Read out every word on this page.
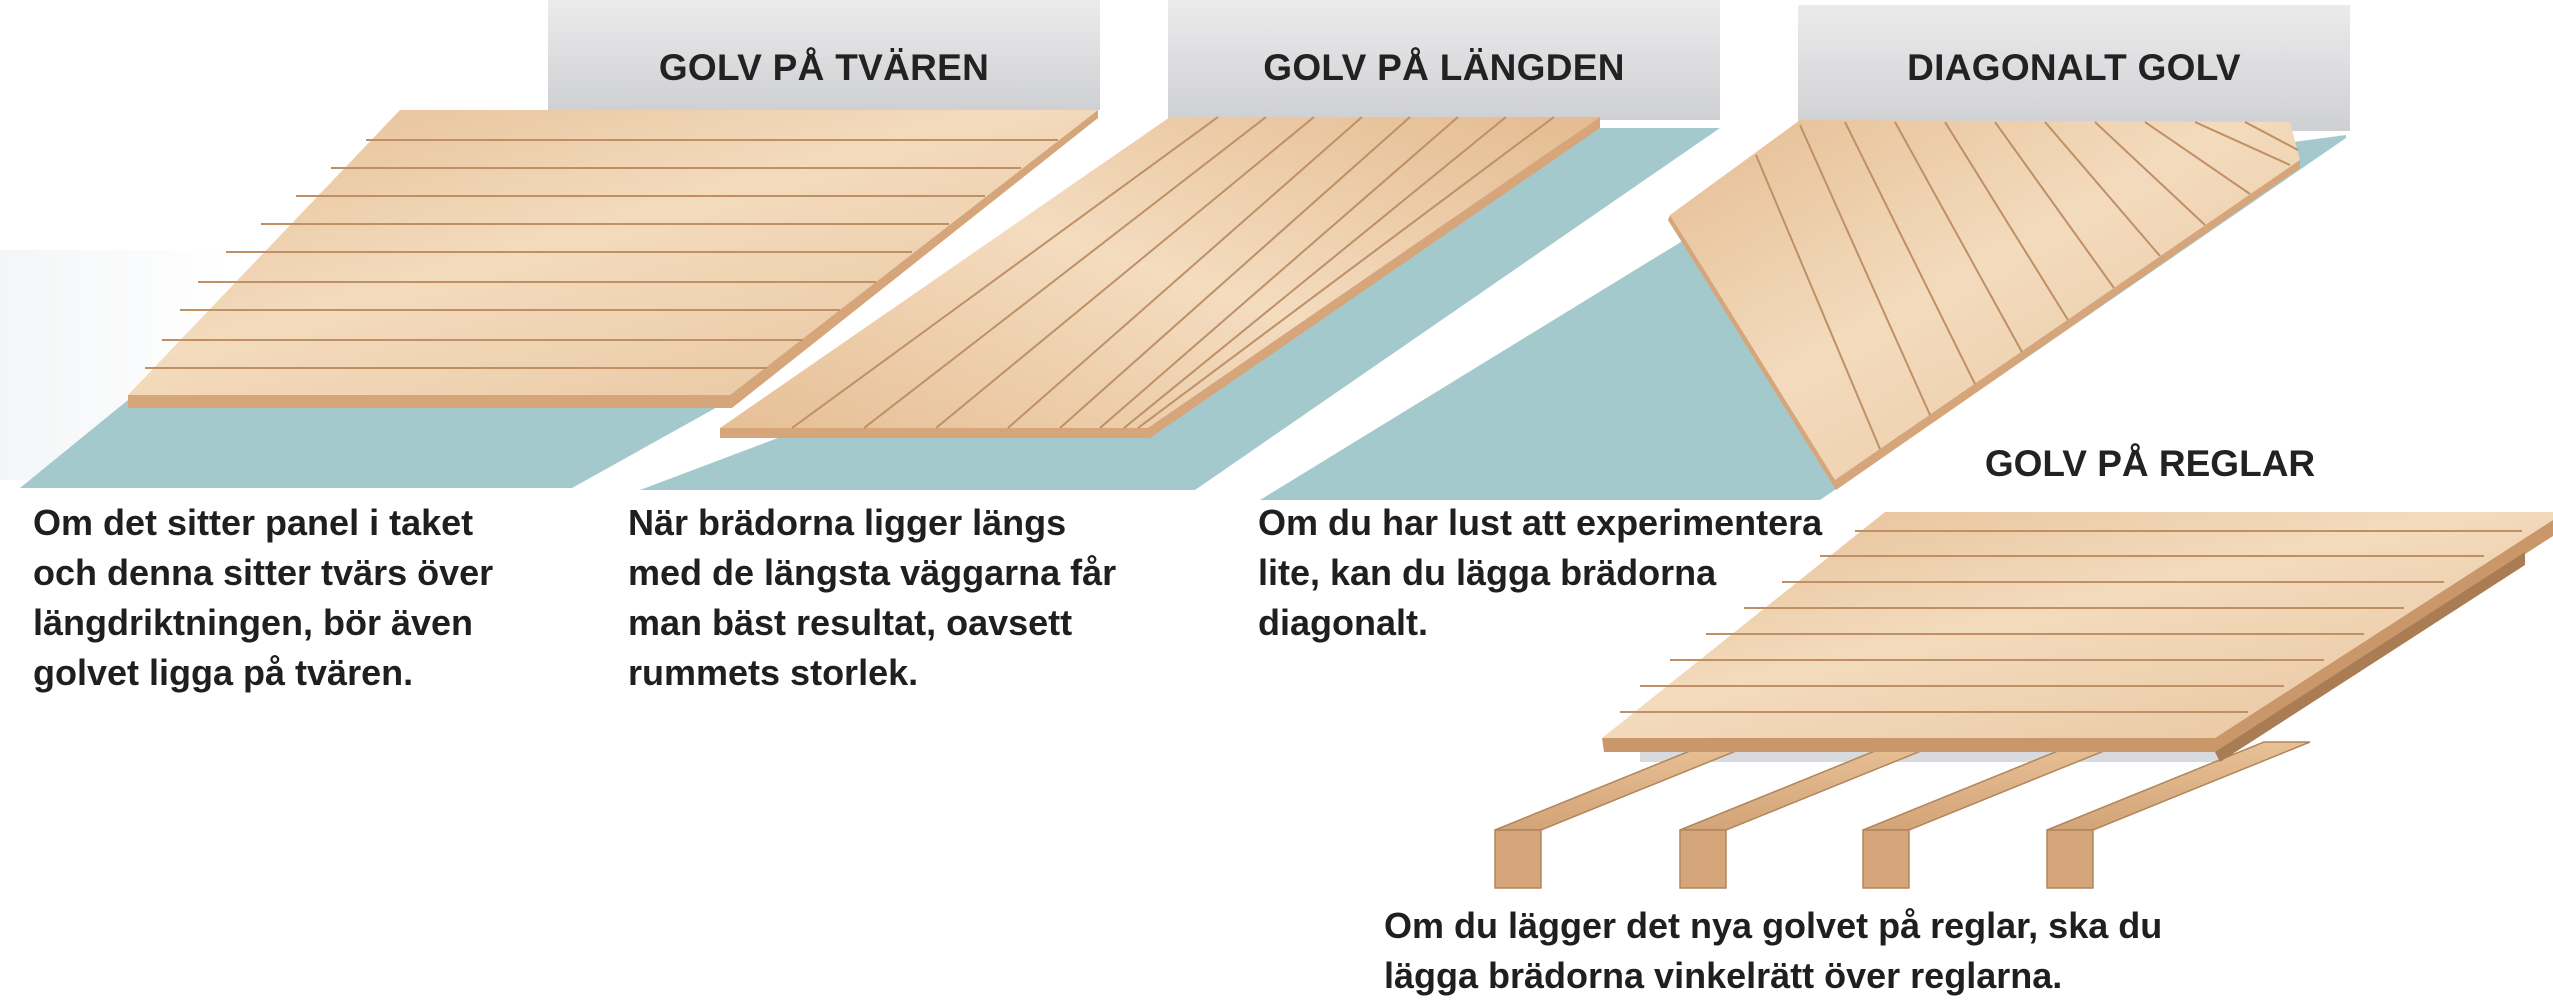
GOLV PÅ TVÄREN	GOLV PÅ LÄNGDEN	DIAGONALT GOLV
GOLV PÅ REGLAR
Om det sitter panel i taket
och denna sitter tvärs över
längdriktningen, bör även
golvet ligga på tvären.
När brädorna ligger längs
med de längsta väggarna får
man bäst resultat, oavsett
rummets storlek.
Om du har lust att experimentera
lite, kan du lägga brädorna
diagonalt.
Om du lägger det nya golvet på reglar, ska du
lägga brädorna vinkelrätt över reglarna.
